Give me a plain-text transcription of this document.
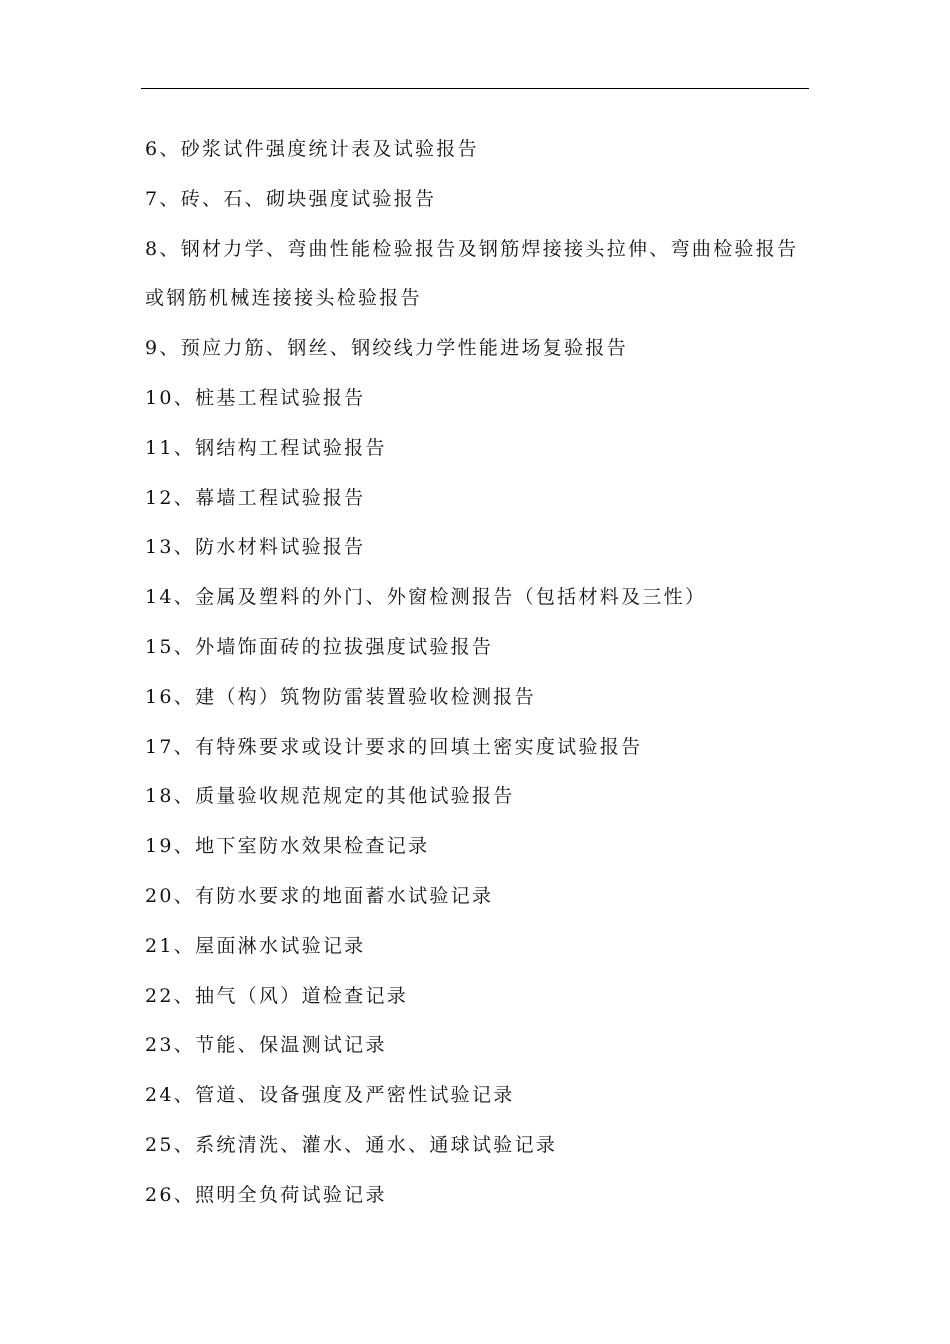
6、砂浆试件强度统计表及试验报告
7、砖、石、砌块强度试验报告
8、钢材力学、弯曲性能检验报告及钢筋焊接接头拉伸、弯曲检验报告
或钢筋机械连接接头检验报告
9、预应力筋、钢丝、钢绞线力学性能进场复验报告
10、桩基工程试验报告
11、钢结构工程试验报告
12、幕墙工程试验报告
13、防水材料试验报告
14、金属及塑料的外门、外窗检测报告（包括材料及三性）
15、外墙饰面砖的拉拔强度试验报告
16、建（构）筑物防雷装置验收检测报告
17、有特殊要求或设计要求的回填土密实度试验报告
18、质量验收规范规定的其他试验报告
19、地下室防水效果检查记录
20、有防水要求的地面蓄水试验记录
21、屋面淋水试验记录
22、抽气（风）道检查记录
23、节能、保温测试记录
24、管道、设备强度及严密性试验记录
25、系统清洗、灌水、通水、通球试验记录
26、照明全负荷试验记录
